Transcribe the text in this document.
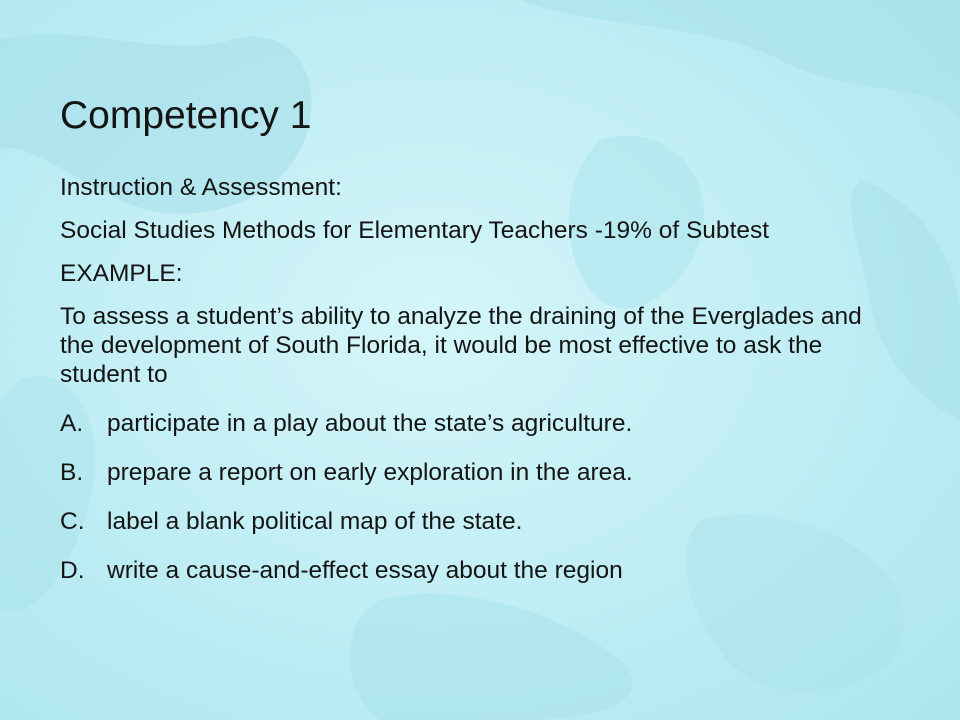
Competency 1

Instruction & Assessment:

Social Studies Methods for Elementary Teachers -19% of Subtest

EXAMPLE:

To assess a student’s ability to analyze the draining of the Everglades and the development of South Florida, it would be most effective to ask the student to

A. participate in a play about the state’s agriculture.
B. prepare a report on early exploration in the area.
C. label a blank political map of the state.
D. write a cause-and-effect essay about the region
